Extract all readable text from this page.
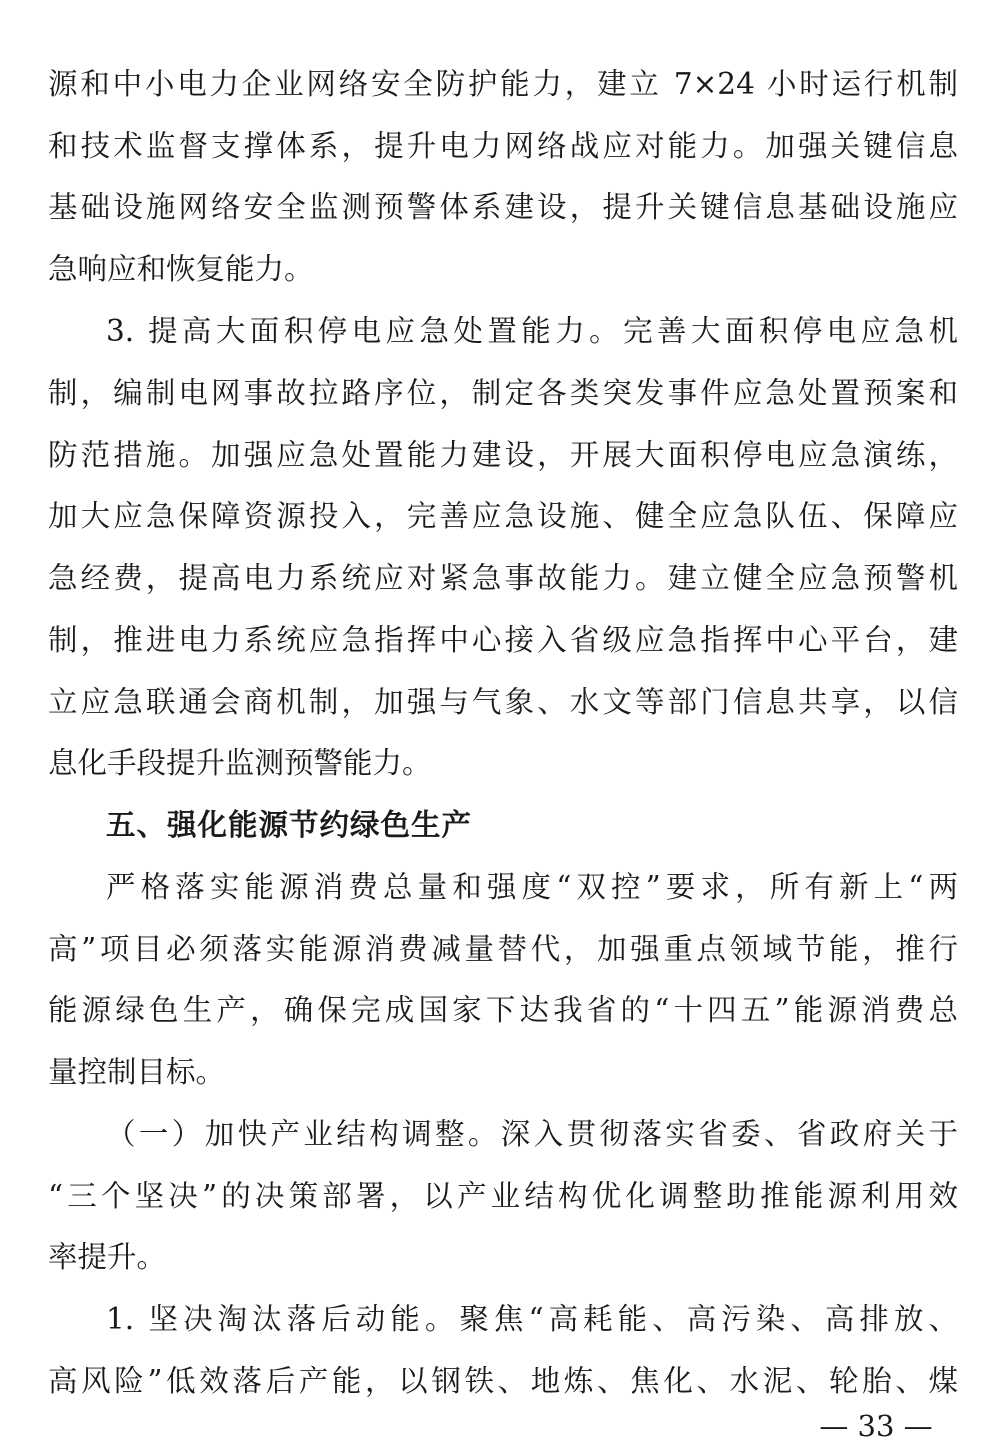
源和中小电力企业网络安全防护能力，建立 7×24 小时运行机制
和技术监督支撑体系，提升电力网络战应对能力。加强关键信息
基础设施网络安全监测预警体系建设，提升关键信息基础设施应
急响应和恢复能力。
3. 提高大面积停电应急处置能力。完善大面积停电应急机
制，编制电网事故拉路序位，制定各类突发事件应急处置预案和
防范措施。加强应急处置能力建设，开展大面积停电应急演练，
加大应急保障资源投入，完善应急设施、健全应急队伍、保障应
急经费，提高电力系统应对紧急事故能力。建立健全应急预警机
制，推进电力系统应急指挥中心接入省级应急指挥中心平台，建
立应急联通会商机制，加强与气象、水文等部门信息共享，以信
息化手段提升监测预警能力。
五、强化能源节约绿色生产
严格落实能源消费总量和强度“双控”要求，所有新上“两
高”项目必须落实能源消费减量替代，加强重点领域节能，推行
能源绿色生产，确保完成国家下达我省的“十四五”能源消费总
量控制目标。
（一）加快产业结构调整。深入贯彻落实省委、省政府关于
“三个坚决”的决策部署，以产业结构优化调整助推能源利用效
率提升。
1. 坚决淘汰落后动能。聚焦“高耗能、高污染、高排放、
高风险”低效落后产能，以钢铁、地炼、焦化、水泥、轮胎、煤
— 33 —
